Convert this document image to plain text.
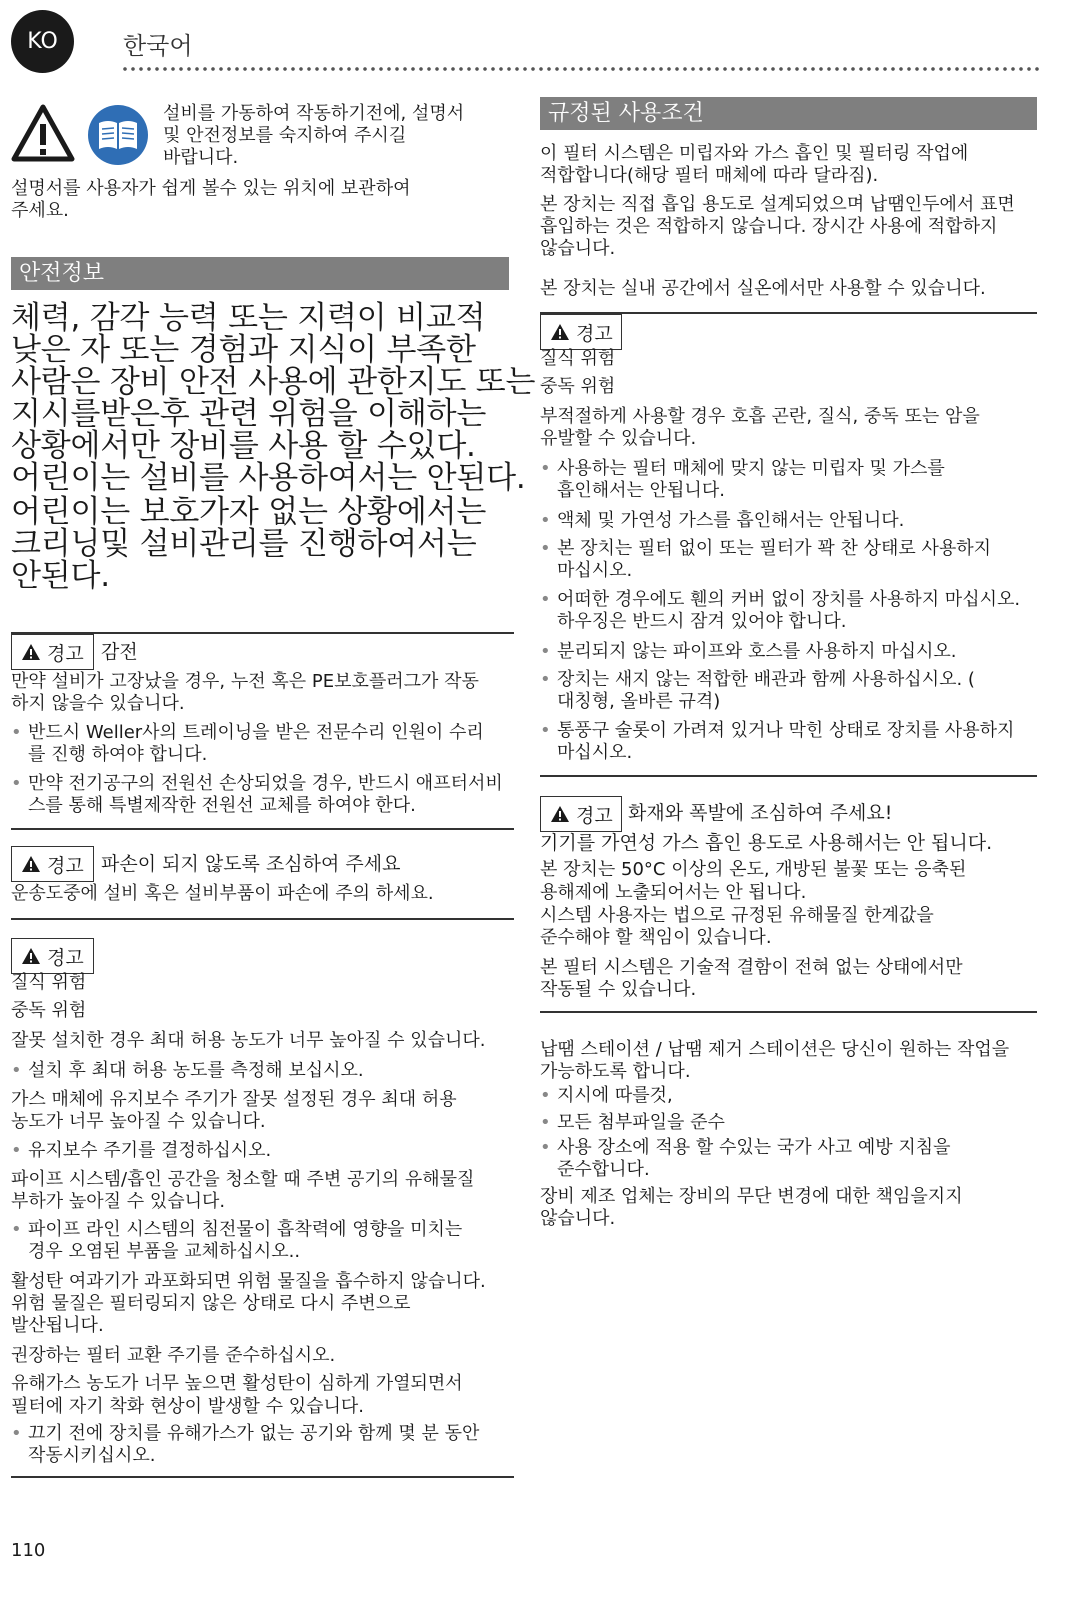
KO	한국어
설비를 가동하여 작동하기전에, 설명서
및 안전정보를 숙지하여 주시길
바랍니다.
설명서를 사용자가 쉽게 볼수 있는 위치에 보관하여
주세요.
안전정보
체력, 감각 능력 또는 지력이 비교적
낮은 자 또는 경험과 지식이 부족한
사람은 장비 안전 사용에 관한지도 또는
지시를받은후 관련 위험을 이해하는
상황에서만 장비를 사용 할 수있다.
어린이는 설비를 사용하여서는 안된다.
어린이는 보호가자 없는 상황에서는
크리닝및 설비관리를 진행하여서는
안된다.
경고 감전
만약 설비가 고장났을 경우, 누전 혹은 PE보호플러그가 작동
하지 않을수 있습니다.
• 반드시 Weller사의 트레이닝을 받은 전문수리 인원이 수리
를 진행 하여야 합니다.
• 만약 전기공구의 전원선 손상되었을 경우, 반드시 애프터서비
스를 통해 특별제작한 전원선 교체를 하여야 한다.
경고 파손이 되지 않도록 조심하여 주세요
운송도중에 설비 혹은 설비부품이 파손에 주의 하세요.
경고
질식 위험
중독 위험
잘못 설치한 경우 최대 허용 농도가 너무 높아질 수 있습니다.
• 설치 후 최대 허용 농도를 측정해 보십시오.
가스 매체에 유지보수 주기가 잘못 설정된 경우 최대 허용
농도가 너무 높아질 수 있습니다.
• 유지보수 주기를 결정하십시오.
파이프 시스템/흡인 공간을 청소할 때 주변 공기의 유해물질
부하가 높아질 수 있습니다.
• 파이프 라인 시스템의 침전물이 흡착력에 영향을 미치는
경우 오염된 부품을 교체하십시오..
활성탄 여과기가 과포화되면 위험 물질을 흡수하지 않습니다.
위험 물질은 필터링되지 않은 상태로 다시 주변으로
발산됩니다.
권장하는 필터 교환 주기를 준수하십시오.
유해가스 농도가 너무 높으면 활성탄이 심하게 가열되면서
필터에 자기 착화 현상이 발생할 수 있습니다.
• 끄기 전에 장치를 유해가스가 없는 공기와 함께 몇 분 동안
작동시키십시오.
규정된 사용조건
이 필터 시스템은 미립자와 가스 흡인 및 필터링 작업에
적합합니다(해당 필터 매체에 따라 달라짐).
본 장치는 직접 흡입 용도로 설계되었으며 납땜인두에서 표면
흡입하는 것은 적합하지 않습니다. 장시간 사용에 적합하지
않습니다.
본 장치는 실내 공간에서 실온에서만 사용할 수 있습니다.
경고
질식 위험
중독 위험
부적절하게 사용할 경우 호흡 곤란, 질식, 중독 또는 암을
유발할 수 있습니다.
• 사용하는 필터 매체에 맞지 않는 미립자 및 가스를
흡인해서는 안됩니다.
• 액체 및 가연성 가스를 흡인해서는 안됩니다.
• 본 장치는 필터 없이 또는 필터가 꽉 찬 상태로 사용하지
마십시오.
• 어떠한 경우에도 휀의 커버 없이 장치를 사용하지 마십시오.
하우징은 반드시 잠겨 있어야 합니다.
• 분리되지 않는 파이프와 호스를 사용하지 마십시오.
• 장치는 새지 않는 적합한 배관과 함께 사용하십시오. (
대칭형, 올바른 규격)
• 통풍구 술롯이 가려져 있거나 막힌 상태로 장치를 사용하지
마십시오.
경고 화재와 폭발에 조심하여 주세요!
기기를 가연성 가스 흡인 용도로 사용해서는 안 됩니다.
본 장치는 50°C 이상의 온도, 개방된 불꽃 또는 응축된
용해제에 노출되어서는 안 됩니다.
시스템 사용자는 법으로 규정된 유해물질 한계값을
준수해야 할 책임이 있습니다.
본 필터 시스템은 기술적 결함이 전혀 없는 상태에서만
작동될 수 있습니다.
납땜 스테이션 / 납땜 제거 스테이션은 당신이 원하는 작업을
가능하도록 합니다.
• 지시에 따를것,
• 모든 첨부파일을 준수
• 사용 장소에 적용 할 수있는 국가 사고 예방 지침을
준수합니다.
장비 제조 업체는 장비의 무단 변경에 대한 책임을지지
않습니다.
110
